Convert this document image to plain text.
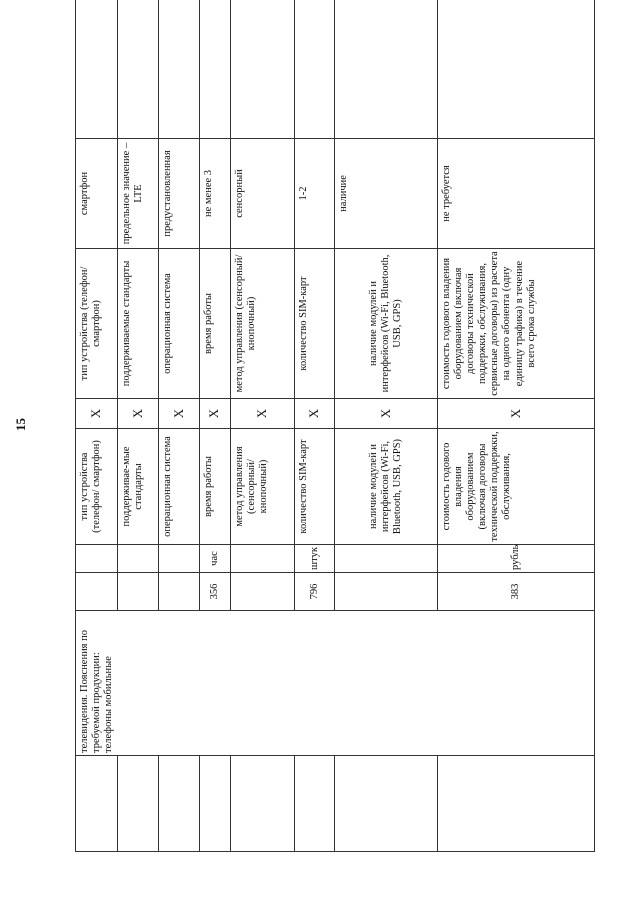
15
	телевидения. Пояснения по требуемой продукции: телефоны мобильные			тип устройства (телефон/ смартфон)	X	тип устройства (телефон/смартфон)	смартфон	
				поддерживае-мые стандарты	X	поддерживаемые стандарты	предельное значение – LTE	
				операционная система	X	операционная система	предустановленная	
		356	час	время работы	X	время работы	не менее 3	
				метод управления (сенсорный/ кнопочный)	X	метод управления (сенсорный/ кнопочный)	сенсорный	
		796	штук	количество SIM-карт	X	количество SIM-карт	1-2	
				наличие модулей и интерфейсов (Wi-Fi, Bluetooth, USB, GPS)	X	наличие модулей и интерфейсов (Wi-Fi, Bluetooth, USB, GPS)	наличие	
		383	рубль	стоимость годового владения оборудованием (включая договоры технической поддержки, обслуживания,	X	стоимость годового владения оборудованием (включая договоры технической поддержки, обслуживания, сервисные договоры) из расчета на одного абонента (одну единицу трафика) в течение всего срока службы	не требуется	
